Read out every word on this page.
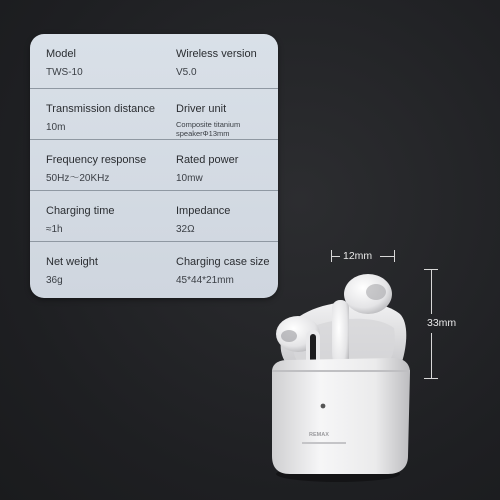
Model
TWS-10
Wireless version
V5.0
Transmission distance
10m
Driver unit
Composite titanium speakerΦ13mm
Frequency response
50Hz〜20KHz
Rated power
10mw
Charging time
≈1h
Impedance
32Ω
Net weight
36g
Charging case size
45*44*21mm
12mm
33mm
REMAX
